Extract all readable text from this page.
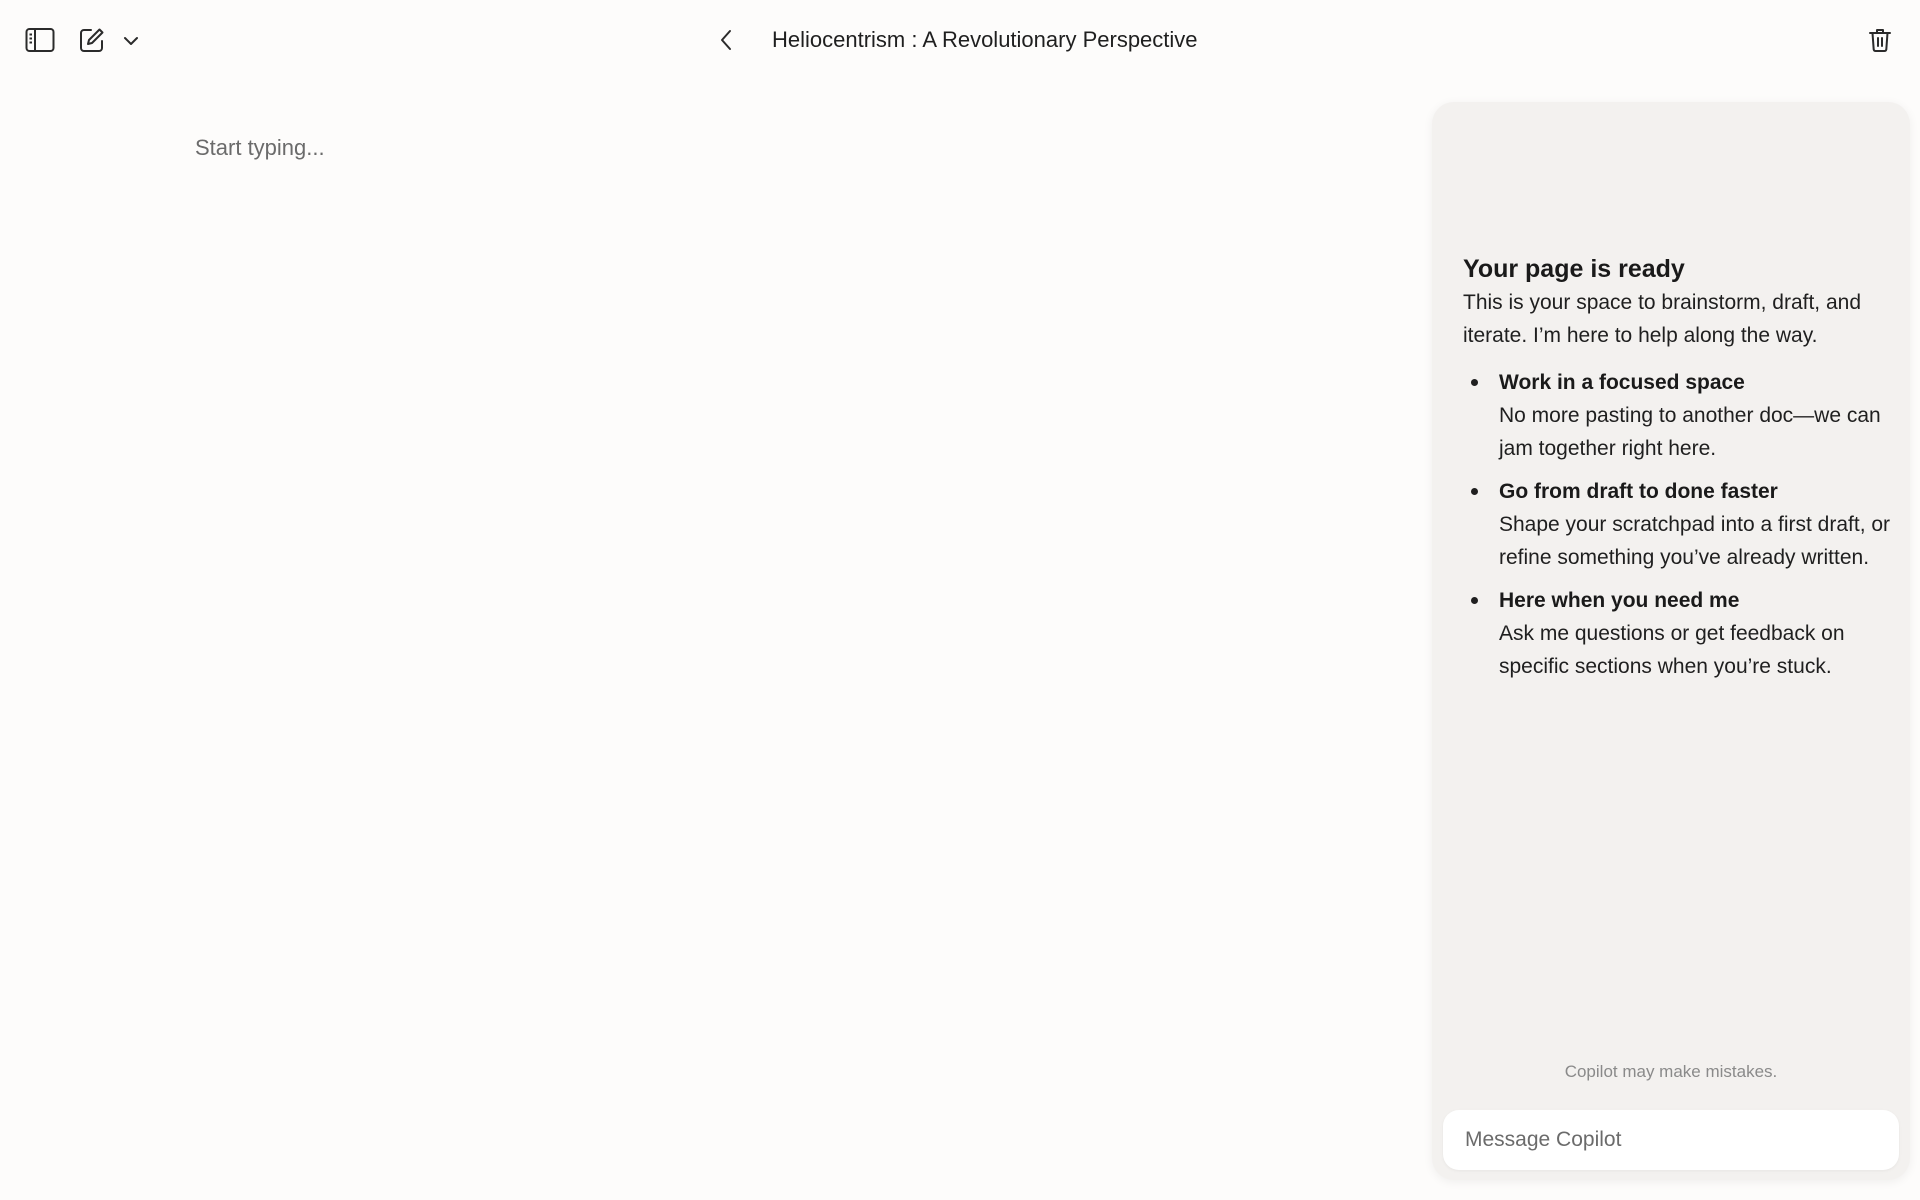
Heliocentrism : A Revolutionary Perspective
Start typing...
Your page is ready
This is your space to brainstorm, draft, and iterate. I’m here to help along the way.
Work in a focused space
No more pasting to another doc—we can jam together right here.
Go from draft to done faster
Shape your scratchpad into a first draft, or refine something you’ve already written.
Here when you need me
Ask me questions or get feedback on specific sections when you’re stuck.
Copilot may make mistakes.
Message Copilot
